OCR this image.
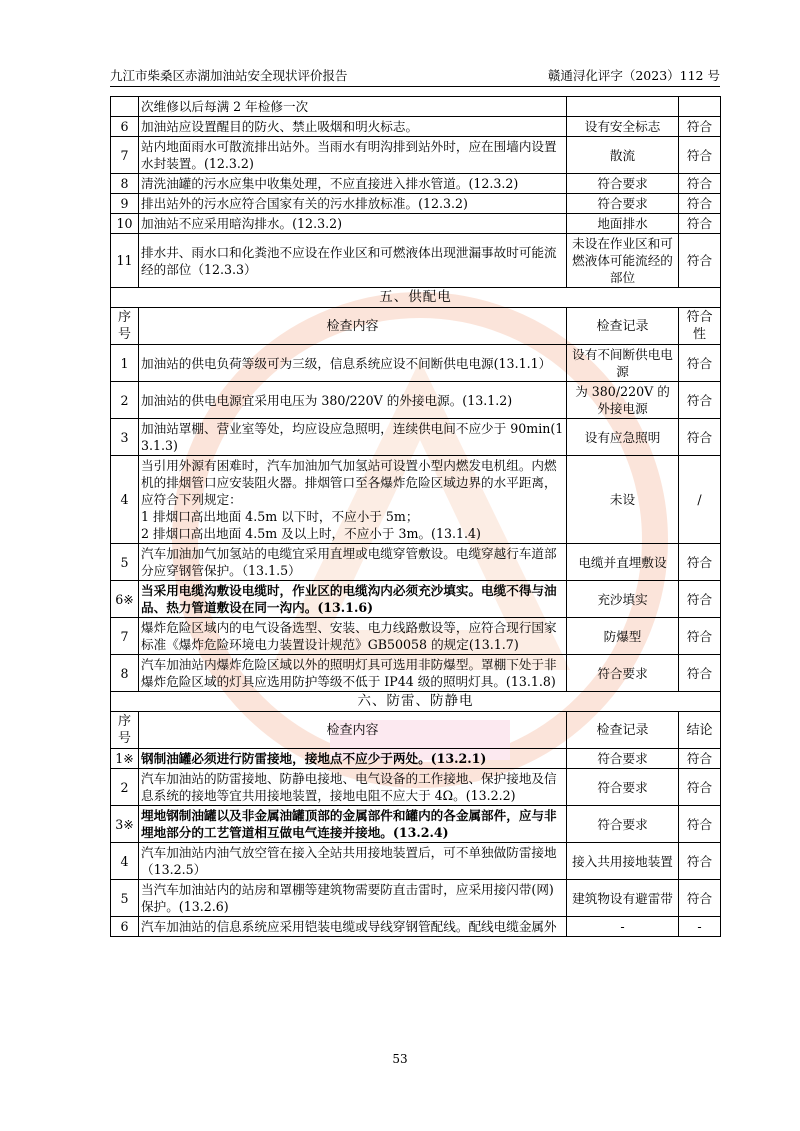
九江市柴桑区赤湖加油站安全现状评价报告	赣通浔化评字（2023）112 号
	次维修以后每满 2 年检修一次		
6	加油站应设置醒目的防火、禁止吸烟和明火标志。	设有安全标志	符合
7	站内地面雨水可散流排出站外。当雨水有明沟排到站外时，应在围墙内设置水封装置。(12.3.2)	散流	符合
8	清洗油罐的污水应集中收集处理，不应直接进入排水管道。(12.3.2)	符合要求	符合
9	排出站外的污水应符合国家有关的污水排放标准。(12.3.2)	符合要求	符合
10	加油站不应采用暗沟排水。(12.3.2)	地面排水	符合
11	排水井、雨水口和化粪池不应设在作业区和可燃液体出现泄漏事故时可能流经的部位（12.3.3）	未设在作业区和可燃液体可能流经的部位	符合
五、供配电			
序号	检查内容	检查记录	符合性
1	加油站的供电负荷等级可为三级，信息系统应设不间断供电电源(13.1.1）	设有不间断供电电源	符合
2	加油站的供电电源宜采用电压为 380/220V 的外接电源。(13.1.2)	为 380/220V 的外接电源	符合
3	加油站罩棚、营业室等处，均应设应急照明，连续供电间不应少于 90min(13.1.3)	设有应急照明	符合
4	当引用外源有困难时，汽车加油加气加氢站可设置小型内燃发电机组。内燃机的排烟管口应安装阻火器。排烟管口至各爆炸危险区域边界的水平距离，应符合下列规定：
1 排烟口高出地面 4.5m 以下时，不应小于 5m；
2 排烟口高出地面 4.5m 及以上时，不应小于 3m。(13.1.4)	未设	/
5	汽车加油加气加氢站的电缆宜采用直埋或电缆穿管敷设。电缆穿越行车道部分应穿钢管保护。（13.1.5）	电缆并直埋敷设	符合
6※	当采用电缆沟敷设电缆时，作业区的电缆沟内必须充沙填实。电缆不得与油品、热力管道敷设在同一沟内。(13.1.6)	充沙填实	符合
7	爆炸危险区域内的电气设备选型、安装、电力线路敷设等，应符合现行国家标准《爆炸危险环境电力装置设计规范》GB50058 的规定(13.1.7)	防爆型	符合
8	汽车加油站内爆炸危险区域以外的照明灯具可选用非防爆型。罩棚下处于非爆炸危险区域的灯具应选用防护等级不低于 IP44 级的照明灯具。(13.1.8)	符合要求	符合
六、防雷、防静电			
序号	检查内容	检查记录	结论
1※	钢制油罐必须进行防雷接地，接地点不应少于两处。(13.2.1)	符合要求	符合
2	汽车加油站的防雷接地、防静电接地、电气设备的工作接地、保护接地及信息系统的接地等宜共用接地装置，接地电阻不应大于 4Ω。(13.2.2)	符合要求	符合
3※	埋地钢制油罐以及非金属油罐顶部的金属部件和罐内的各金属部件，应与非埋地部分的工艺管道相互做电气连接并接地。(13.2.4)	符合要求	符合
4	汽车加油站内油气放空管在接入全站共用接地装置后，可不单独做防雷接地（13.2.5）	接入共用接地装置	符合
5	当汽车加油站内的站房和罩棚等建筑物需要防直击雷时，应采用接闪带(网)保护。(13.2.6)	建筑物设有避雷带	符合
6	汽车加油站的信息系统应采用铠装电缆或导线穿钢管配线。配线电缆金属外	-	-
53
